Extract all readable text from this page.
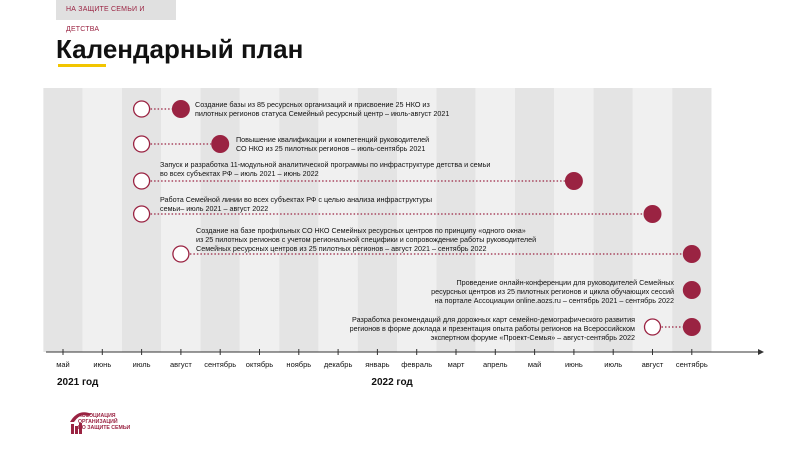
НА ЗАЩИТЕ СЕМЬИ И ДЕТСТВА
Календарный план
май	июнь	июль	август сентябрь октябрь ноябрь декабрь январь февраль март апрель	май	июнь	июль	август сентябрь
Создание базы из 85 ресурсных организаций и присвоение 25 НКО из
пилотных регионов статуса Семейный ресурсный центр – июль-август 2021
Повышение квалификации и компетенций руководителей
СО НКО из 25 пилотных регионов – июль-сентябрь 2021
Запуск и разработка 11-модульной аналитической программы по инфраструктуре детства и семьи
во всех субъектах РФ – июль 2021 – июнь 2022
Работа Семейной линии во всех субъектах РФ с целью анализа инфраструктуры
семьи– июль 2021 – август 2022
Создание на базе профильных СО НКО Семейных ресурсных центров по принципу «одного окна»
из 25 пилотных регионов с учетом региональной специфики и сопровождение работы руководителей
Семейных ресурсных центров из 25 пилотных регионов – август 2021 – сентябрь 2022
Проведение онлайн-конференции для руководителей Семейных
ресурсных центров из 25 пилотных регионов и цикла обучающих сессий
на портале Ассоциации online.aozs.ru – сентябрь 2021 – сентябрь 2022
Разработка рекомендаций для дорожных карт семейно-демографического развития
регионов в форме доклада и презентация опыта работы регионов на Всероссийском
экспертном форуме «Проект-Семья» – август-сентябрь 2022
2021 год	2022 год
АССОЦИАЦИЯ
ОРГАНИЗАЦИЙ
ПО ЗАЩИТЕ СЕМЬИ
